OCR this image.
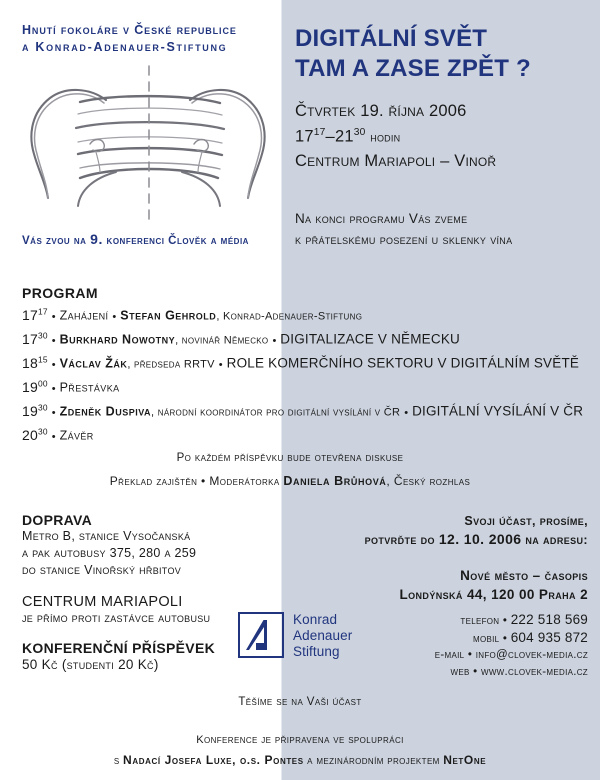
Hnutí fokoláre v České republice
a Konrad-Adenauer-Stiftung
Vás zvou na 9. konferenci Člověk a média
DIGITÁLNÍ SVĚT
TAM A ZASE ZPĚT ?
Čtvrtek 19. října 2006
$17^{17}-21^{30}$ hodin
Centrum Mariapoli – Vinoř
Na konci programu Vás zveme
k přátelskému posezení u sklenky vína
PROGRAM
$17^{17}$ • Zahájení • Stefan Gehrold, Konrad-Adenauer-Stiftung
$17^{30}$ • Burkhard Nowotny, novinář Německo • DIGITALIZACE V NĚMECKU
$18^{15}$ • Václav Žák, předseda RRTV • ROLE KOMERČNÍHO SEKTORU V DIGITÁLNÍM SVĚTĚ
$19^{00}$ • Přestávka
$19^{30}$ • Zdeněk Duspiva, národní koordinátor pro digitální vysílání v ČR • DIGITÁLNÍ VYSÍLÁNÍ V ČR
$20^{30}$ • Závěr
Po každém příspěvku bude otevřena diskuse
Překlad zajištěn • Moderátorka Daniela Brůhová, Český rozhlas
DOPRAVA
Metro B, stanice Vysočanská
a pak autobusy 375, 280 a 259
do stanice Vinořský hřbitov
CENTRUM MARIAPOLI
je přímo proti zastávce autobusu
KONFERENČNÍ PŘÍSPĚVEK
50 Kč (studenti 20 Kč)
Svoji účast, prosíme,
potvrďte do 12. 10. 2006 na adresu:
Nové město – časopis
Londýnská 44, 120 00 Praha 2
telefon • 222 518 569
mobil • 604 935 872
e-mail • info@clovek-media.cz
web • www.clovek-media.cz
Konrad
Adenauer
Stiftung
Těšíme se na Vaši účast
Konference je připravena ve spolupráci
s Nadací Josefa Luxe, o.s. Pontes a mezinárodním projektem NetOne
